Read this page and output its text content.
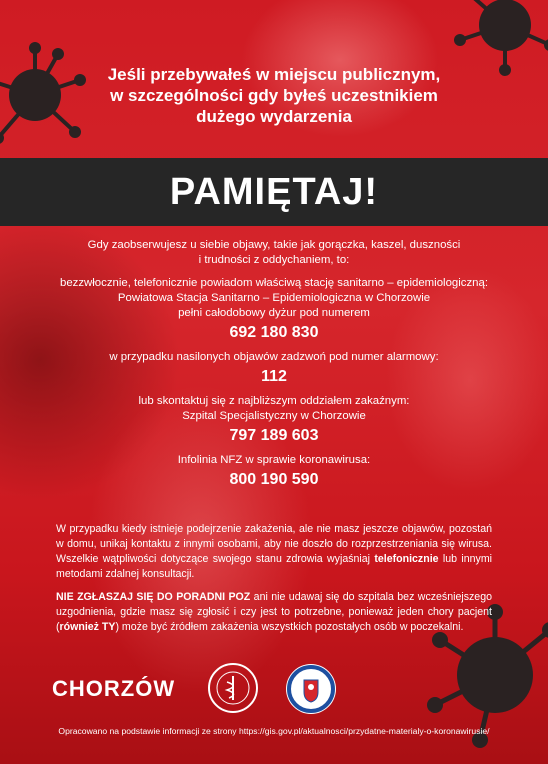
Jeśli przebywałeś w miejscu publicznym,
w szczególności gdy byłeś uczestnikiem
dużego wydarzenia
PAMIĘTAJ!
Gdy zaobserwujesz u siebie objawy, takie jak gorączka, kaszel, duszności
i trudności z oddychaniem, to:
bezzwłocznie, telefonicznie powiadom właściwą stację sanitarno – epidemiologiczną:
Powiatowa Stacja Sanitarno – Epidemiologiczna w Chorzowie
pełni całodobowy dyżur pod numerem
692 180 830
w przypadku nasilonych objawów zadzwoń pod numer alarmowy:
112
lub skontaktuj się z najbliższym oddziałem zakaźnym:
Szpital Specjalistyczny w Chorzowie
797 189 603
Infolinia NFZ w sprawie koronawirusa:
800 190 590
W przypadku kiedy istnieje podejrzenie zakażenia, ale nie masz jeszcze objawów, pozostań w domu, unikaj kontaktu z innymi osobami, aby nie doszło do rozprzestrzeniania się wirusa. Wszelkie wątpliwości dotyczące swojego stanu zdrowia wyjaśniaj telefonicznie lub innymi metodami zdalnej konsultacji.
NIE ZGŁASZAJ SIĘ DO PORADNI POZ ani nie udawaj się do szpitala bez wcześniejszego uzgodnienia, gdzie masz się zgłosić i czy jest to potrzebne, ponieważ jeden chory pacjent (również TY) może być źródłem zakażenia wszystkich pozostałych osób w poczekalni.
CHORZÓW
Opracowano na podstawie informacji ze strony https://gis.gov.pl/aktualnosci/przydatne-materialy-o-koronawirusie/
